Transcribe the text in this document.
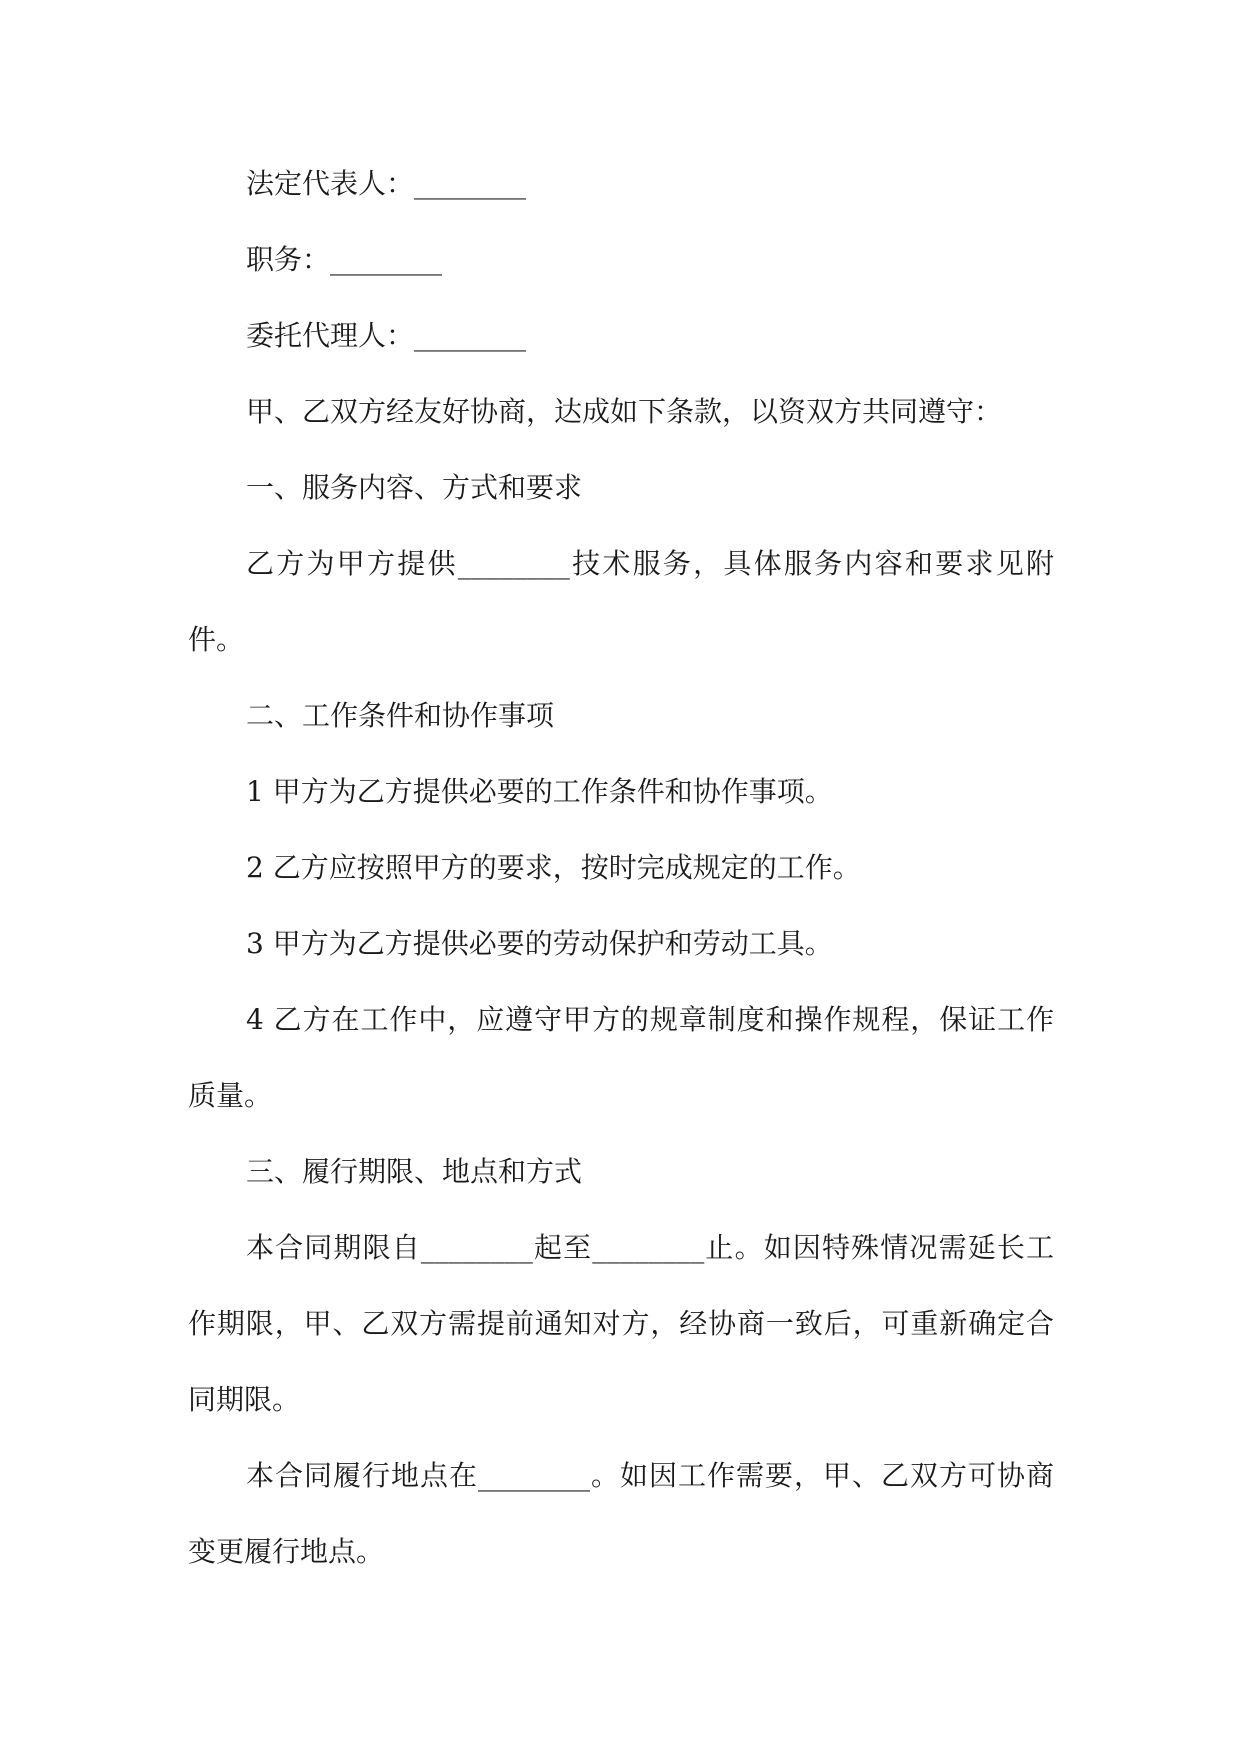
法定代表人：________

职务：________

委托代理人：________

甲、乙双方经友好协商，达成如下条款，以资双方共同遵守：

一、服务内容、方式和要求

乙方为甲方提供________技术服务，具体服务内容和要求见附件。

二、工作条件和协作事项

1 甲方为乙方提供必要的工作条件和协作事项。

2 乙方应按照甲方的要求，按时完成规定的工作。

3 甲方为乙方提供必要的劳动保护和劳动工具。

4 乙方在工作中，应遵守甲方的规章制度和操作规程，保证工作质量。

三、履行期限、地点和方式

本合同期限自________起至________止。如因特殊情况需延长工作期限，甲、乙双方需提前通知对方，经协商一致后，可重新确定合同期限。

本合同履行地点在________。如因工作需要，甲、乙双方可协商变更履行地点。
